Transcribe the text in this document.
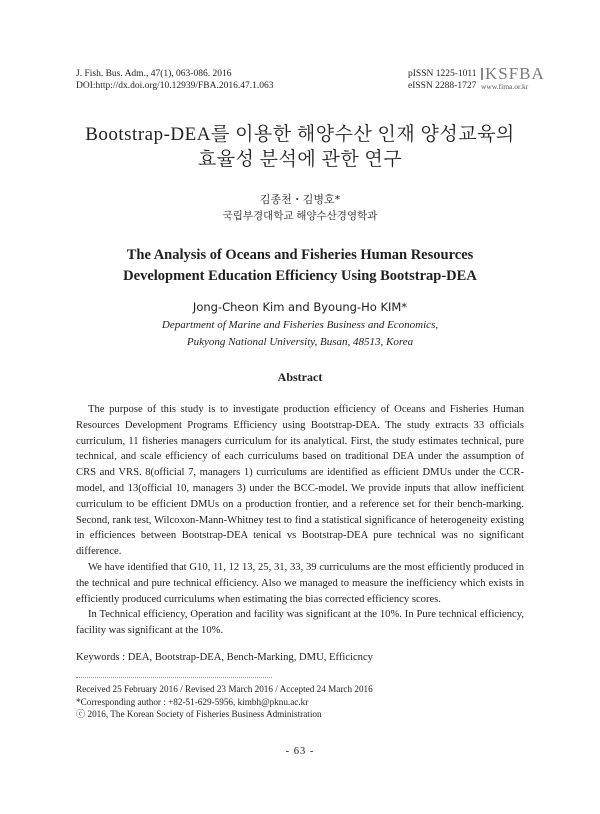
J. Fish. Bus. Adm., 47(1), 063-086. 2016
DOI:http://dx.doi.org/10.12939/FBA.2016.47.1.063
pISSN 1225-1011
eISSN 2288-1727
KSFBA
www.fima.or.kr
Bootstrap-DEA를 이용한 해양수산 인재 양성교육의
효율성 분석에 관한 연구
김종천・김병호*
국립부경대학교 해양수산경영학과
The Analysis of Oceans and Fisheries Human Resources
Development Education Efficiency Using Bootstrap-DEA
Jong-Cheon Kim and Byoung-Ho KIM*
Department of Marine and Fisheries Business and Economics,
Pukyong National University, Busan, 48513, Korea
Abstract

The purpose of this study is to investigate production efficiency of Oceans and Fisheries Human Resources Development Programs Efficiency using Bootstrap-DEA. The study extracts 33 officials curriculum, 11 fisheries managers curriculum for its analytical. First, the study estimates technical, pure technical, and scale efficiency of each curriculums based on traditional DEA under the assumption of CRS and VRS. 8(official 7, managers 1) curriculums are identified as efficient DMUs under the CCR-model, and 13(official 10, managers 3) under the BCC-model. We provide inputs that allow inefficient curriculum to be efficient DMUs on a production frontier, and a reference set for their bench-marking. Second, rank test, Wilcoxon-Mann-Whitney test to find a statistical significance of heterogeneity existing in efficiences between Bootstrap-DEA tenical vs Bootstrap-DEA pure technical was no significant difference.

We have identified that G10, 11, 12 13, 25, 31, 33, 39 curriculums are the most efficiently produced in the technical and pure technical efficiency. Also we managed to measure the inefficiency which exists in efficiently produced curriculums when estimating the bias corrected efficiency scores.

In Technical efficiency, Operation and facility was significant at the 10%. In Pure technical efficiency, facility was significant at the 10%.

Keywords : DEA, Bootstrap-DEA, Bench-Marking, DMU, Efficicncy
Received 25 February 2016 / Revised 23 March 2016 / Accepted 24 March 2016
*Corresponding author : +82-51-629-5956, kimbh@pknu.ac.kr
ⓒ 2016, The Korean Society of Fisheries Business Administration
- 63 -
